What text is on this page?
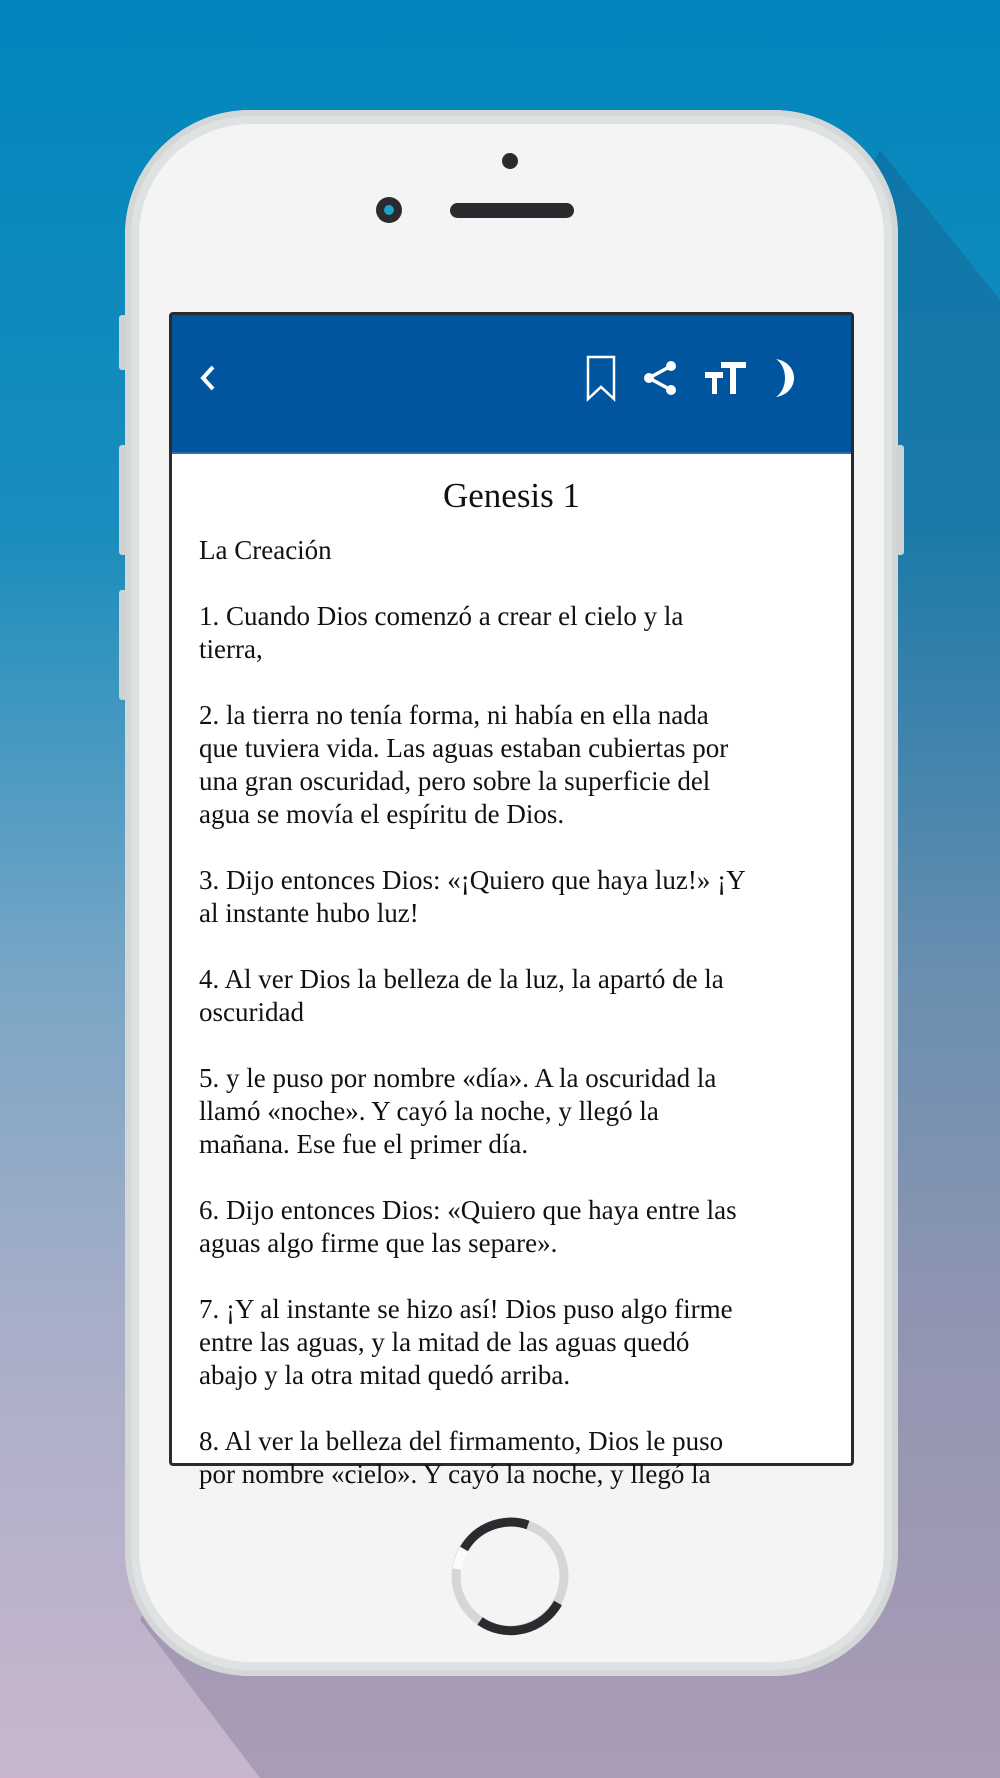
Genesis 1

La Creación

1. Cuando Dios comenzó a crear el cielo y la
tierra,

2. la tierra no tenía forma, ni había en ella nada
que tuviera vida. Las aguas estaban cubiertas por
una gran oscuridad, pero sobre la superficie del
agua se movía el espíritu de Dios.

3. Dijo entonces Dios: «¡Quiero que haya luz!» ¡Y
al instante hubo luz!

4. Al ver Dios la belleza de la luz, la apartó de la
oscuridad

5. y le puso por nombre «día». A la oscuridad la
llamó «noche». Y cayó la noche, y llegó la
mañana. Ese fue el primer día.

6. Dijo entonces Dios: «Quiero que haya entre las
aguas algo firme que las separe».

7. ¡Y al instante se hizo así! Dios puso algo firme
entre las aguas, y la mitad de las aguas quedó
abajo y la otra mitad quedó arriba.

8. Al ver la belleza del firmamento, Dios le puso
por nombre «cielo». Y cayó la noche, y llegó la
